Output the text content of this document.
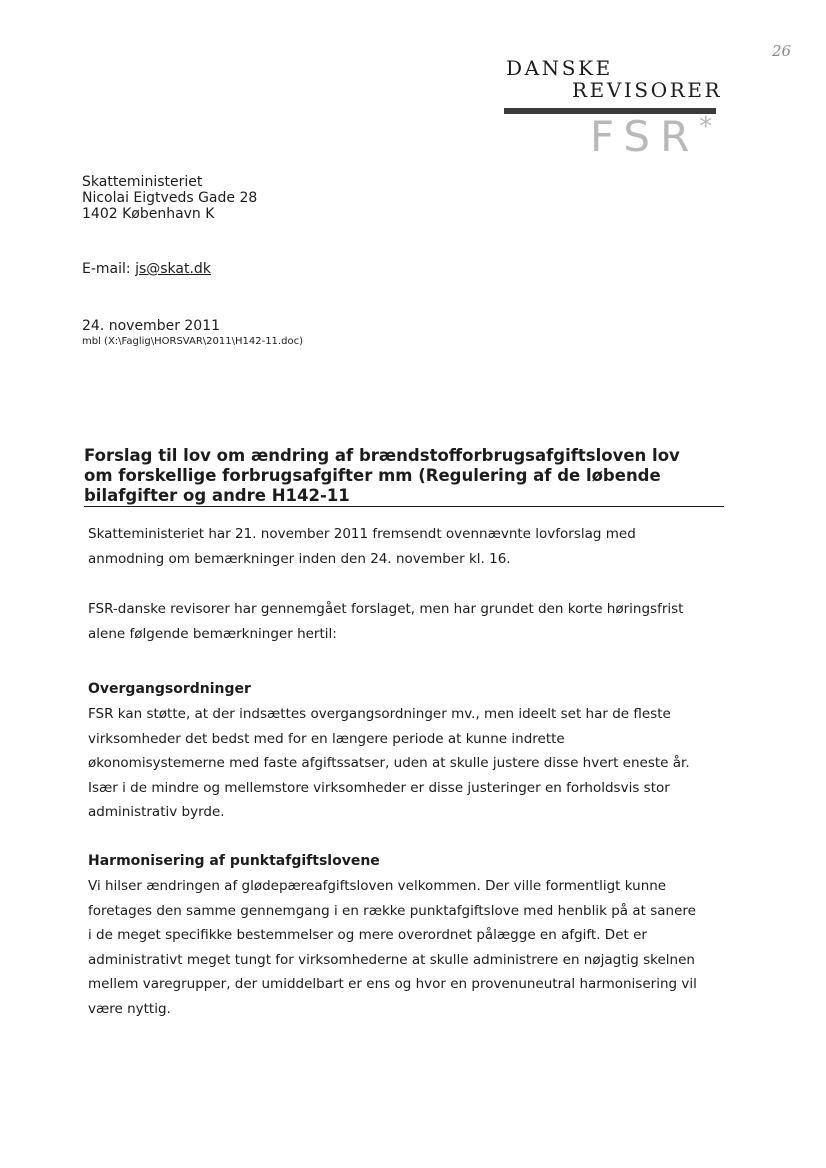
26
DANSKE
REVISORER
FSR*
Skatteministeriet
Nicolai Eigtveds Gade 28
1402 København K
E-mail: js@skat.dk
24. november 2011
mbl (X:\Faglig\HORSVAR\2011\H142-11.doc)
Forslag til lov om ændring af brændstofforbrugsafgiftsloven lov
om forskellige forbrugsafgifter mm (Regulering af de løbende
bilafgifter og andre H142-11
Skatteministeriet har 21. november 2011 fremsendt ovennævnte lovforslag med
anmodning om bemærkninger inden den 24. november kl. 16.
FSR-danske revisorer har gennemgået forslaget, men har grundet den korte høringsfrist
alene følgende bemærkninger hertil:
Overgangsordninger
FSR kan støtte, at der indsættes overgangsordninger mv., men ideelt set har de fleste
virksomheder det bedst med for en længere periode at kunne indrette
økonomisystemerne med faste afgiftssatser, uden at skulle justere disse hvert eneste år.
Især i de mindre og mellemstore virksomheder er disse justeringer en forholdsvis stor
administrativ byrde.
Harmonisering af punktafgiftslovene
Vi hilser ændringen af glødepæreafgiftsloven velkommen. Der ville formentligt kunne
foretages den samme gennemgang i en række punktafgiftslove med henblik på at sanere
i de meget specifikke bestemmelser og mere overordnet pålægge en afgift. Det er
administrativt meget tungt for virksomhederne at skulle administrere en nøjagtig skelnen
mellem varegrupper, der umiddelbart er ens og hvor en provenuneutral harmonisering vil
være nyttig.
